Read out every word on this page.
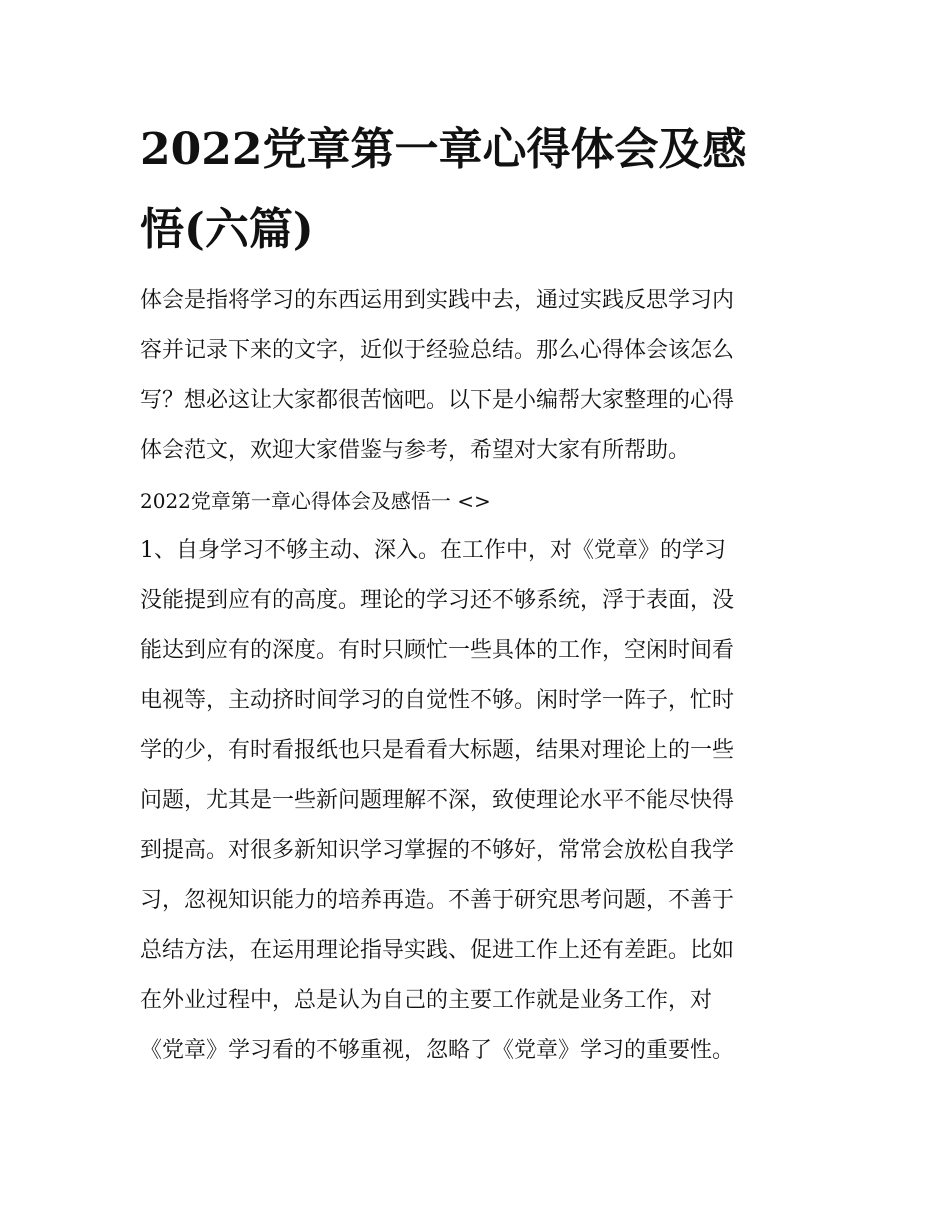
2022党章第一章心得体会及感
悟(六篇)

体会是指将学习的东西运用到实践中去，通过实践反思学习内
容并记录下来的文字，近似于经验总结。那么心得体会该怎么
写？想必这让大家都很苦恼吧。以下是小编帮大家整理的心得
体会范文，欢迎大家借鉴与参考，希望对大家有所帮助。

2022党章第一章心得体会及感悟一 <>

1、自身学习不够主动、深入。在工作中，对《党章》的学习
没能提到应有的高度。理论的学习还不够系统，浮于表面，没
能达到应有的深度。有时只顾忙一些具体的工作，空闲时间看
电视等，主动挤时间学习的自觉性不够。闲时学一阵子，忙时
学的少，有时看报纸也只是看看大标题，结果对理论上的一些
问题，尤其是一些新问题理解不深，致使理论水平不能尽快得
到提高。对很多新知识学习掌握的不够好，常常会放松自我学
习，忽视知识能力的培养再造。不善于研究思考问题，不善于
总结方法，在运用理论指导实践、促进工作上还有差距。比如
在外业过程中，总是认为自己的主要工作就是业务工作，对
《党章》学习看的不够重视，忽略了《党章》学习的重要性。
